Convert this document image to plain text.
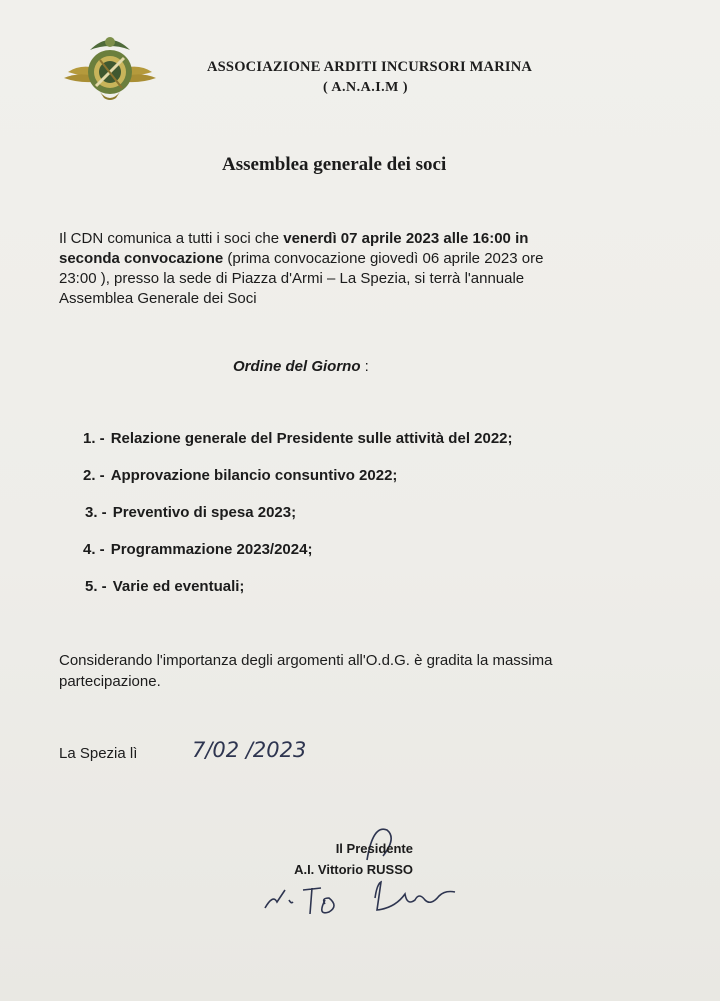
ASSOCIAZIONE ARDITI INCURSORI MARINA
( A.N.A.I.M )
Assemblea generale dei soci
Il CDN comunica a tutti i soci che venerdì 07 aprile 2023 alle 16:00 in
seconda convocazione (prima convocazione giovedì 06 aprile 2023 ore
23:00 ), presso la sede di Piazza d'Armi – La Spezia, si terrà l'annuale
Assemblea Generale dei Soci
Ordine del Giorno :
1. - Relazione generale del Presidente sulle attività del 2022;
2. - Approvazione bilancio consuntivo 2022;
3. - Preventivo di spesa 2023;
4. - Programmazione 2023/2024;
5. - Varie ed eventuali;
Considerando l'importanza degli argomenti all'O.d.G. è gradita la massima
partecipazione.
La Spezia lì	7/02 /2023
Il Presidente
A.I. Vittorio RUSSO
